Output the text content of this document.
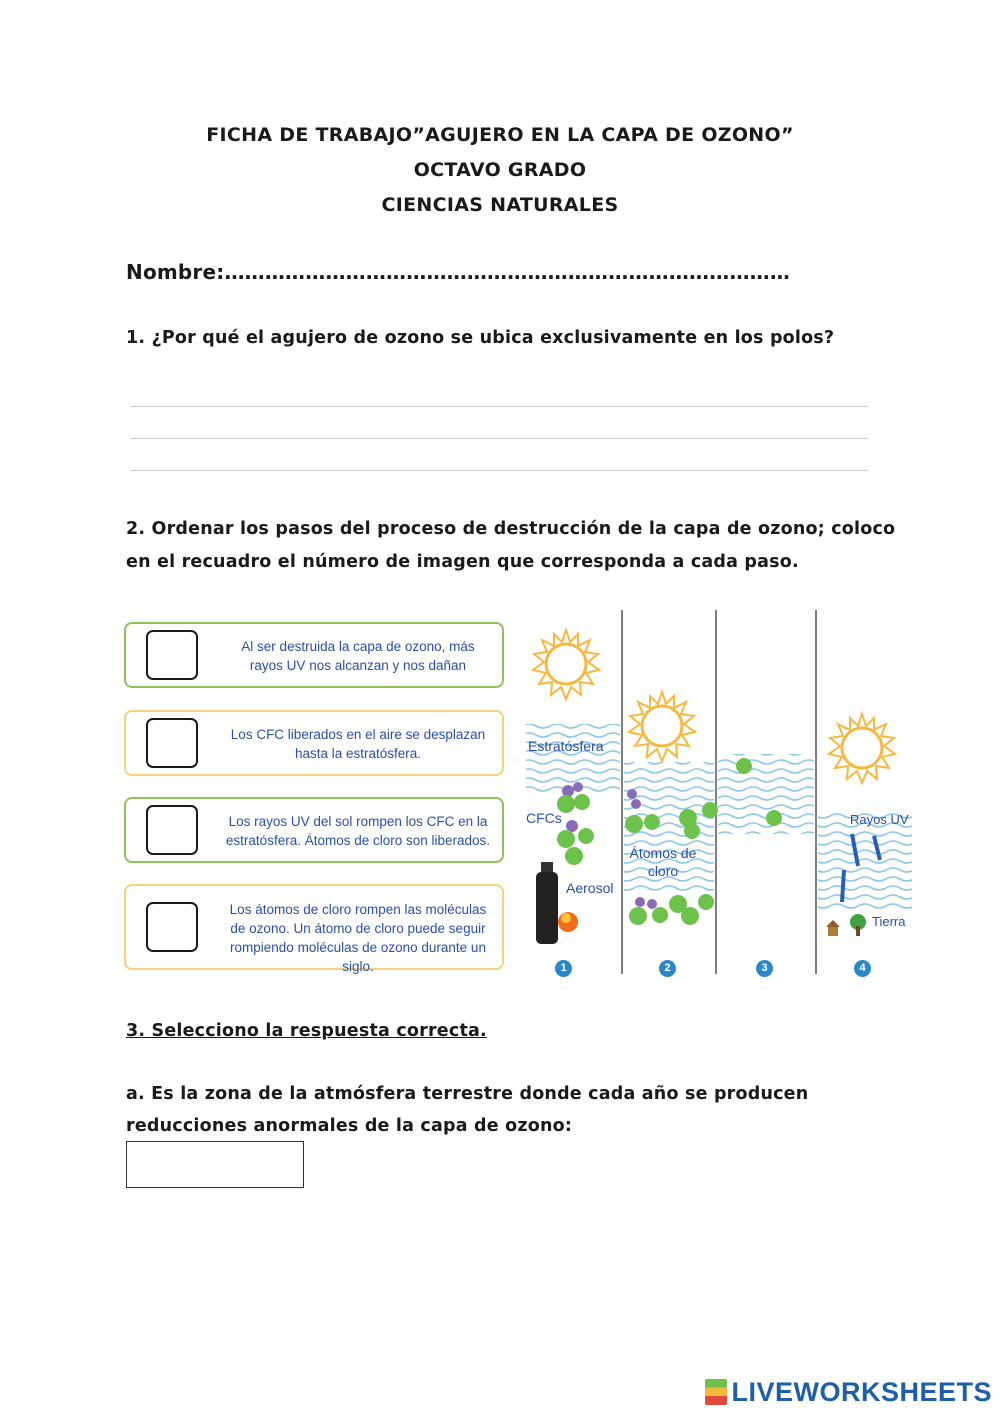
FICHA DE TRABAJO”AGUJERO EN LA CAPA DE OZONO”
OCTAVO GRADO
CIENCIAS NATURALES
Nombre:…………………………………………………………………………
1. ¿Por qué el agujero de ozono se ubica exclusivamente en los polos?
2. Ordenar los pasos del proceso de destrucción de la capa de ozono; coloco
en el recuadro el número de imagen que corresponda a cada paso.
Al ser destruida la capa de ozono, más rayos UV nos alcanzan y nos dañan
Los CFC liberados en el aire se desplazan hasta la estratósfera.
Los rayos UV del sol rompen los CFC en la estratósfera. Átomos de cloro son liberados.
Los átomos de cloro rompen las moléculas de ozono. Un átomo de cloro puede seguir rompiendo moléculas de ozono durante un siglo.
Estratósfera
CFCs
Aerosol
Átomos de cloro
Rayos UV
Tierra
1	2	3	4
3. Selecciono la respuesta correcta.
a. Es la zona de la atmósfera terrestre donde cada año se producen
reducciones anormales de la capa de ozono:
LIVEWORKSHEETS
